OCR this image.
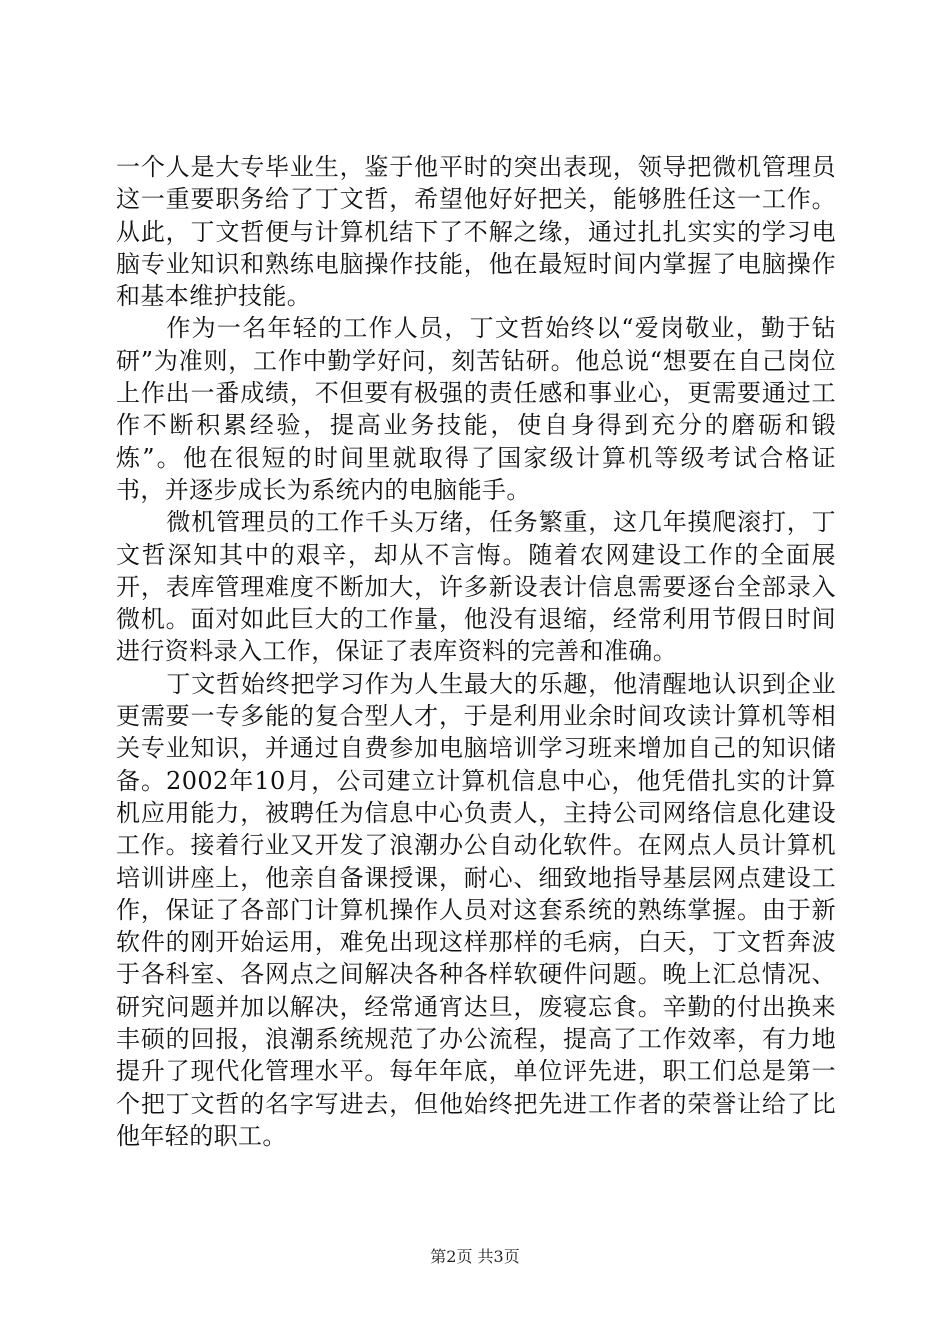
一个人是大专毕业生，鉴于他平时的突出表现，领导把微机管理员这一重要职务给了丁文哲，希望他好好把关，能够胜任这一工作。从此，丁文哲便与计算机结下了不解之缘，通过扎扎实实的学习电脑专业知识和熟练电脑操作技能，他在最短时间内掌握了电脑操作和基本维护技能。

作为一名年轻的工作人员，丁文哲始终以“爱岗敬业，勤于钻研”为准则，工作中勤学好问，刻苦钻研。他总说“想要在自己岗位上作出一番成绩，不但要有极强的责任感和事业心，更需要通过工作不断积累经验，提高业务技能，使自身得到充分的磨砺和锻炼”。他在很短的时间里就取得了国家级计算机等级考试合格证书，并逐步成长为系统内的电脑能手。

微机管理员的工作千头万绪，任务繁重，这几年摸爬滚打，丁文哲深知其中的艰辛，却从不言悔。随着农网建设工作的全面展开，表库管理难度不断加大，许多新设表计信息需要逐台全部录入微机。面对如此巨大的工作量，他没有退缩，经常利用节假日时间进行资料录入工作，保证了表库资料的完善和准确。

丁文哲始终把学习作为人生最大的乐趣，他清醒地认识到企业更需要一专多能的复合型人才，于是利用业余时间攻读计算机等相关专业知识，并通过自费参加电脑培训学习班来增加自己的知识储备。2002年10月，公司建立计算机信息中心，他凭借扎实的计算机应用能力，被聘任为信息中心负责人，主持公司网络信息化建设工作。接着行业又开发了浪潮办公自动化软件。在网点人员计算机培训讲座上，他亲自备课授课，耐心、细致地指导基层网点建设工作，保证了各部门计算机操作人员对这套系统的熟练掌握。由于新软件的刚开始运用，难免出现这样那样的毛病，白天，丁文哲奔波于各科室、各网点之间解决各种各样软硬件问题。晚上汇总情况、研究问题并加以解决，经常通宵达旦，废寝忘食。辛勤的付出换来丰硕的回报，浪潮系统规范了办公流程，提高了工作效率，有力地提升了现代化管理水平。每年年底，单位评先进，职工们总是第一个把丁文哲的名字写进去，但他始终把先进工作者的荣誉让给了比他年轻的职工。

第2页 共3页
